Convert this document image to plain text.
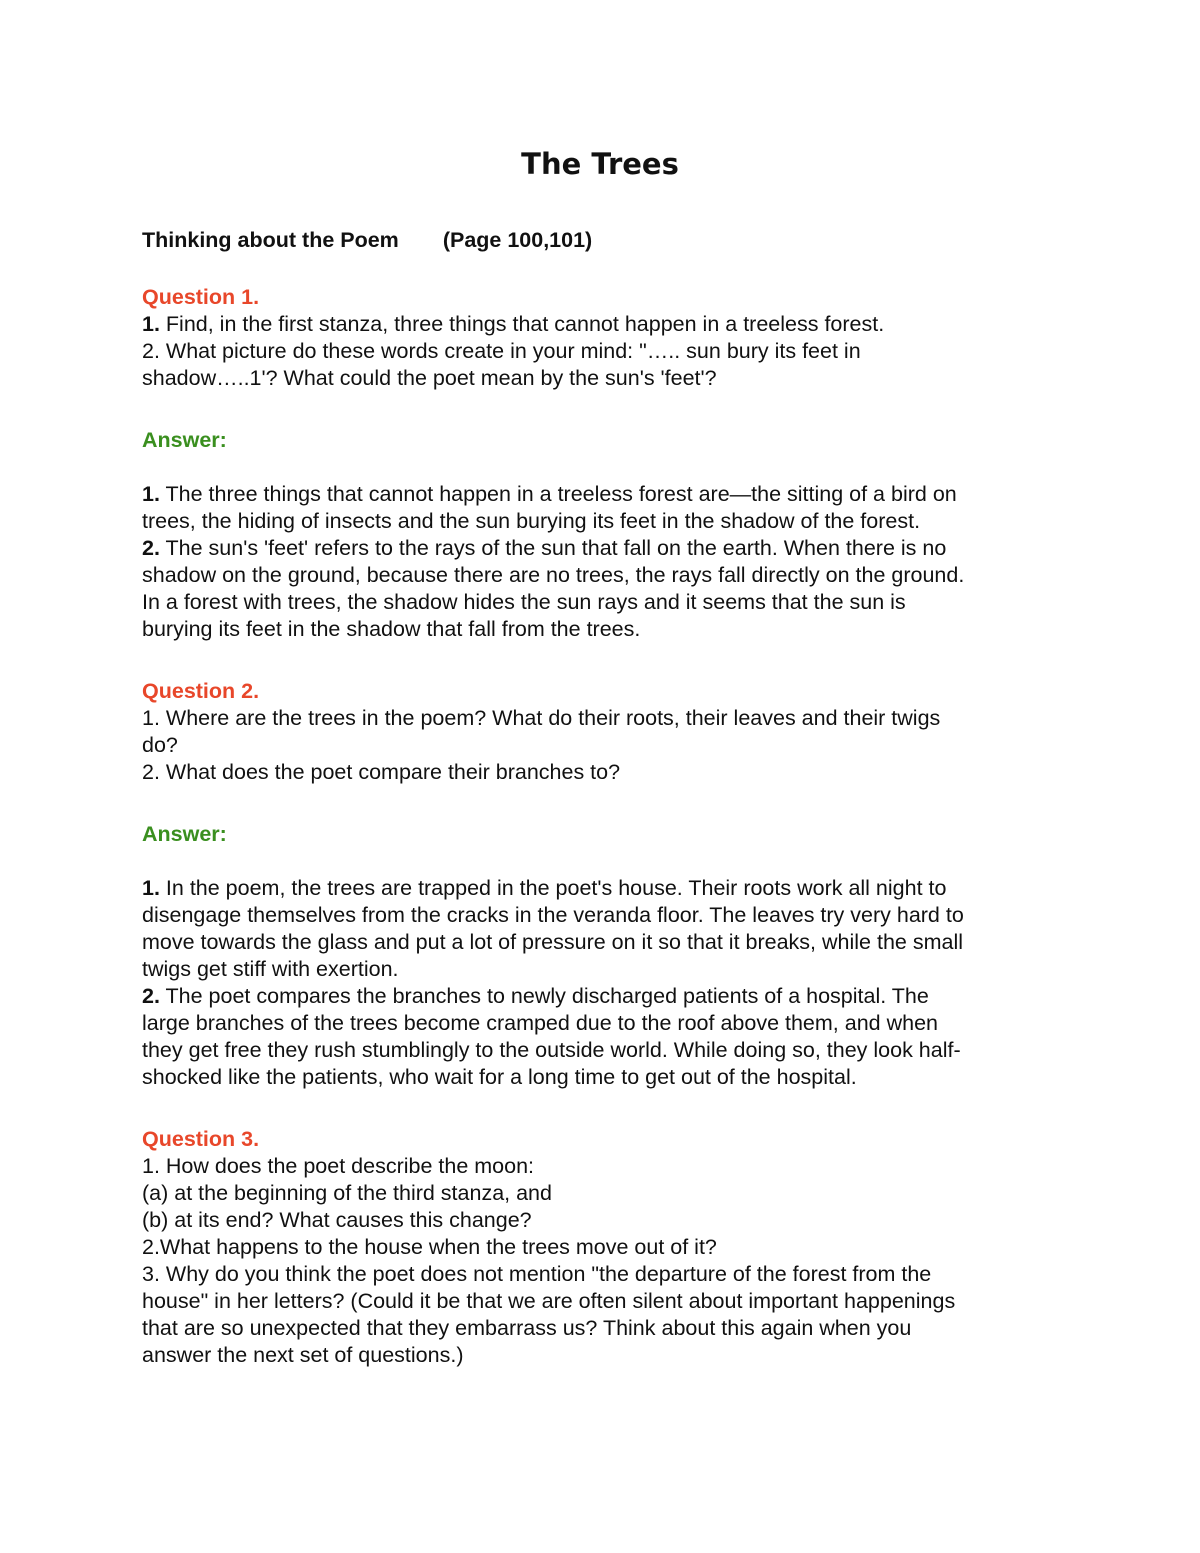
The Trees
Thinking about the Poem (Page 100,101)
Question 1.
1. Find, in the first stanza, three things that cannot happen in a treeless forest.
2. What picture do these words create in your mind: "….. sun bury its feet in
shadow…..1'? What could the poet mean by the sun's 'feet'?
Answer:
1. The three things that cannot happen in a treeless forest are—the sitting of a bird on
trees, the hiding of insects and the sun burying its feet in the shadow of the forest.
2. The sun's 'feet' refers to the rays of the sun that fall on the earth. When there is no
shadow on the ground, because there are no trees, the rays fall directly on the ground.
In a forest with trees, the shadow hides the sun rays and it seems that the sun is
burying its feet in the shadow that fall from the trees.
Question 2.
1. Where are the trees in the poem? What do their roots, their leaves and their twigs
do?
2. What does the poet compare their branches to?
Answer:
1. In the poem, the trees are trapped in the poet's house. Their roots work all night to
disengage themselves from the cracks in the veranda floor. The leaves try very hard to
move towards the glass and put a lot of pressure on it so that it breaks, while the small
twigs get stiff with exertion.
2. The poet compares the branches to newly discharged patients of a hospital. The
large branches of the trees become cramped due to the roof above them, and when
they get free they rush stumblingly to the outside world. While doing so, they look half-
shocked like the patients, who wait for a long time to get out of the hospital.
Question 3.
1. How does the poet describe the moon:
(a) at the beginning of the third stanza, and
(b) at its end? What causes this change?
2.What happens to the house when the trees move out of it?
3. Why do you think the poet does not mention "the departure of the forest from the
house" in her letters? (Could it be that we are often silent about important happenings
that are so unexpected that they embarrass us? Think about this again when you
answer the next set of questions.)
